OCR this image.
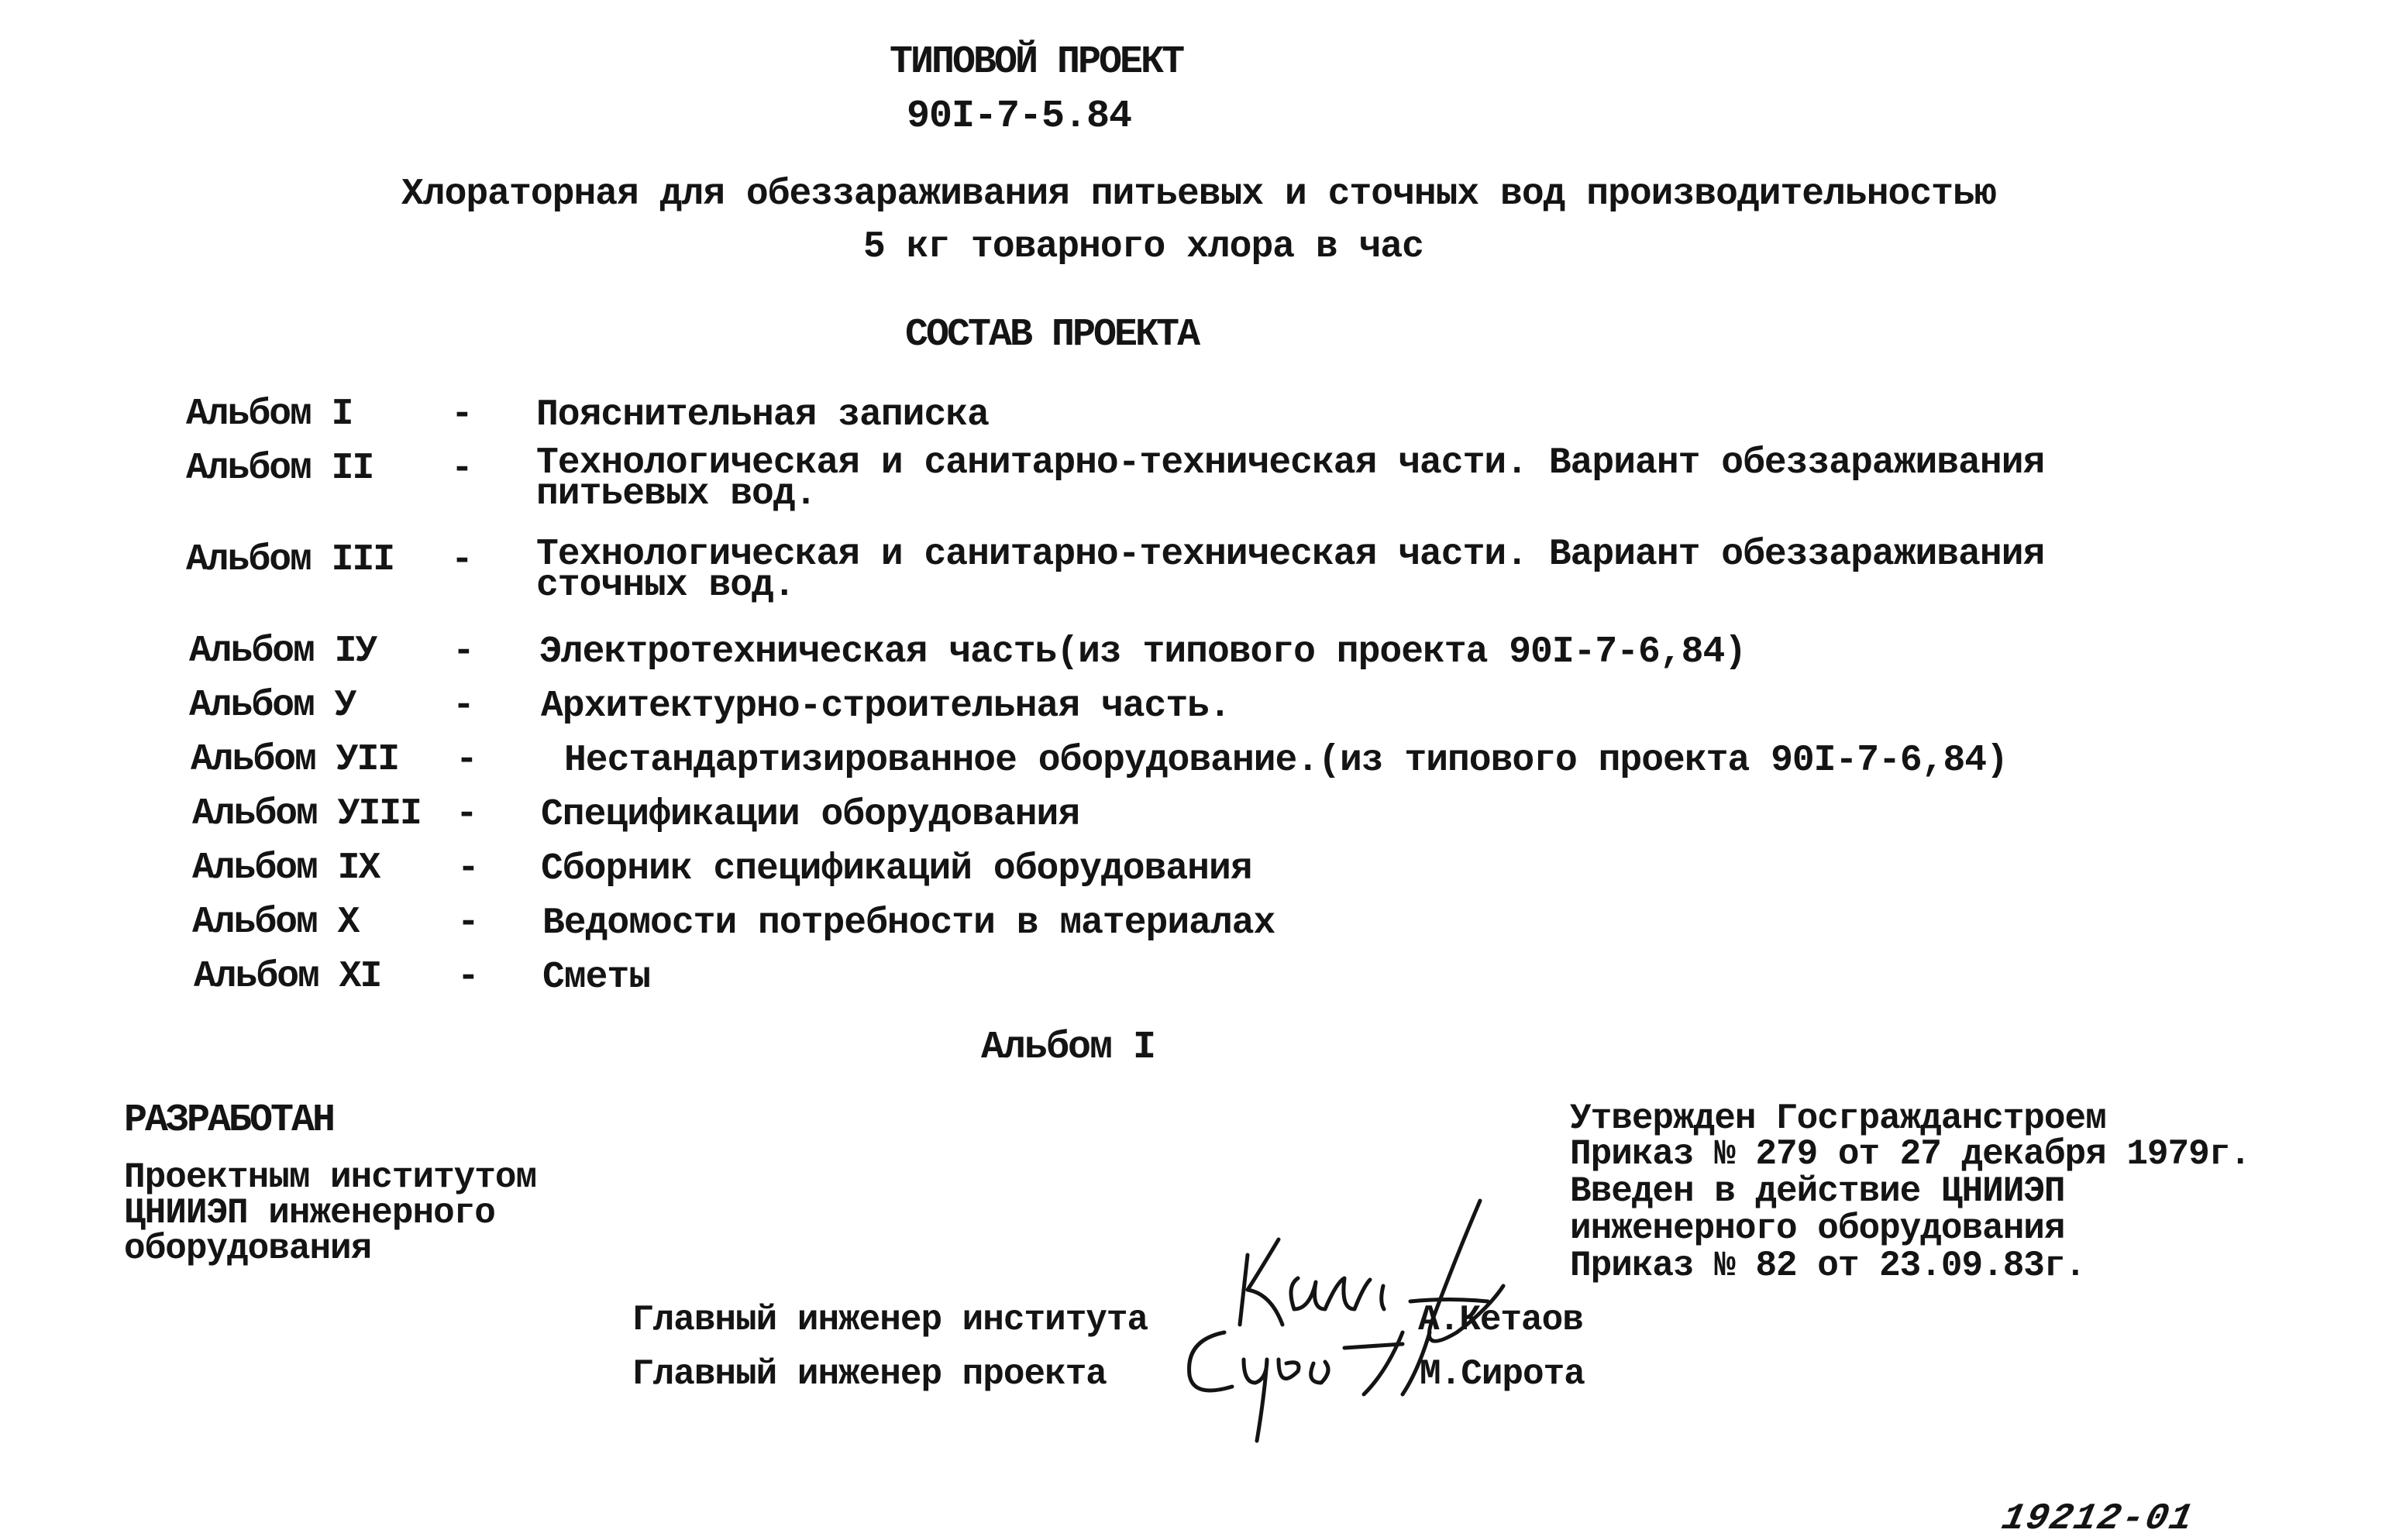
ТИПОВОЙ ПРОЕКТ
90I-7-5.84
Хлораторная для обеззараживания питьевых и сточных вод производительностью
5 кг товарного хлора в час
СОСТАВ ПРОЕКТА
Альбом I	- Пояснительная записка
Альбом II - Технологическая и санитарно-техническая части. Вариант обеззараживания питьевых вод.
Альбом III - Технологическая и санитарно-техническая части. Вариант обеззараживания сточных вод.
Альбом IУ - Электротехническая часть(из типового проекта 90I-7-6,84)
Альбом У	- Архитектурно-строительная часть.
Альбом УII - Нестандартизированное оборудование.(из типового проекта 90I-7-6,84)
Альбом УIII - Спецификации оборудования
Альбом IX - Сборник спецификаций оборудования
Альбом X	- Ведомости потребности в материалах
Альбом XI - Сметы
Альбом I
РАЗРАБОТАН
Проектным институтом
ЦНИИЭП инженерного
оборудования
Утвержден Госгражданстроем
Приказ № 279 от 27 декабря 1979г.
Введен в действие ЦНИИЭП
инженерного оборудования
Приказ № 82 от 23.09.83г.
Главный инженер института	А.Кетаов
Главный инженер проекта	М.Сирота
19212-01
